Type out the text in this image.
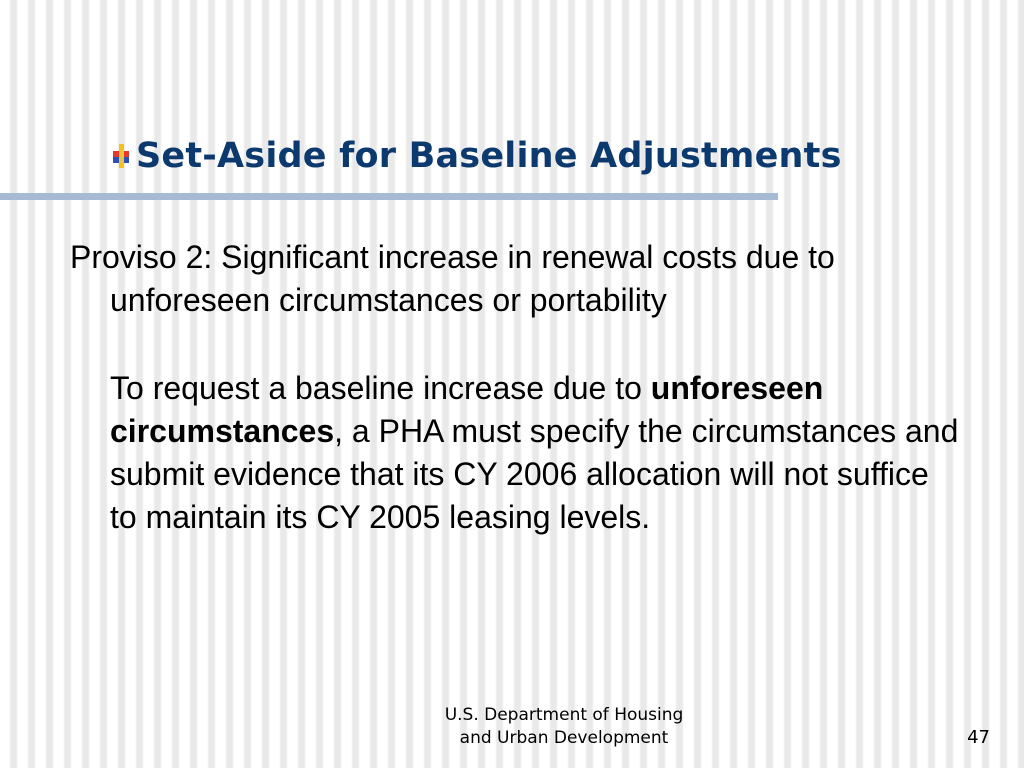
Set-Aside for Baseline Adjustments

Proviso 2: Significant increase in renewal costs due to unforeseen circumstances or portability

To request a baseline increase due to unforeseen circumstances, a PHA must specify the circumstances and submit evidence that its CY 2006 allocation will not suffice to maintain its CY 2005 leasing levels.

U.S. Department of Housing
and Urban Development	47
